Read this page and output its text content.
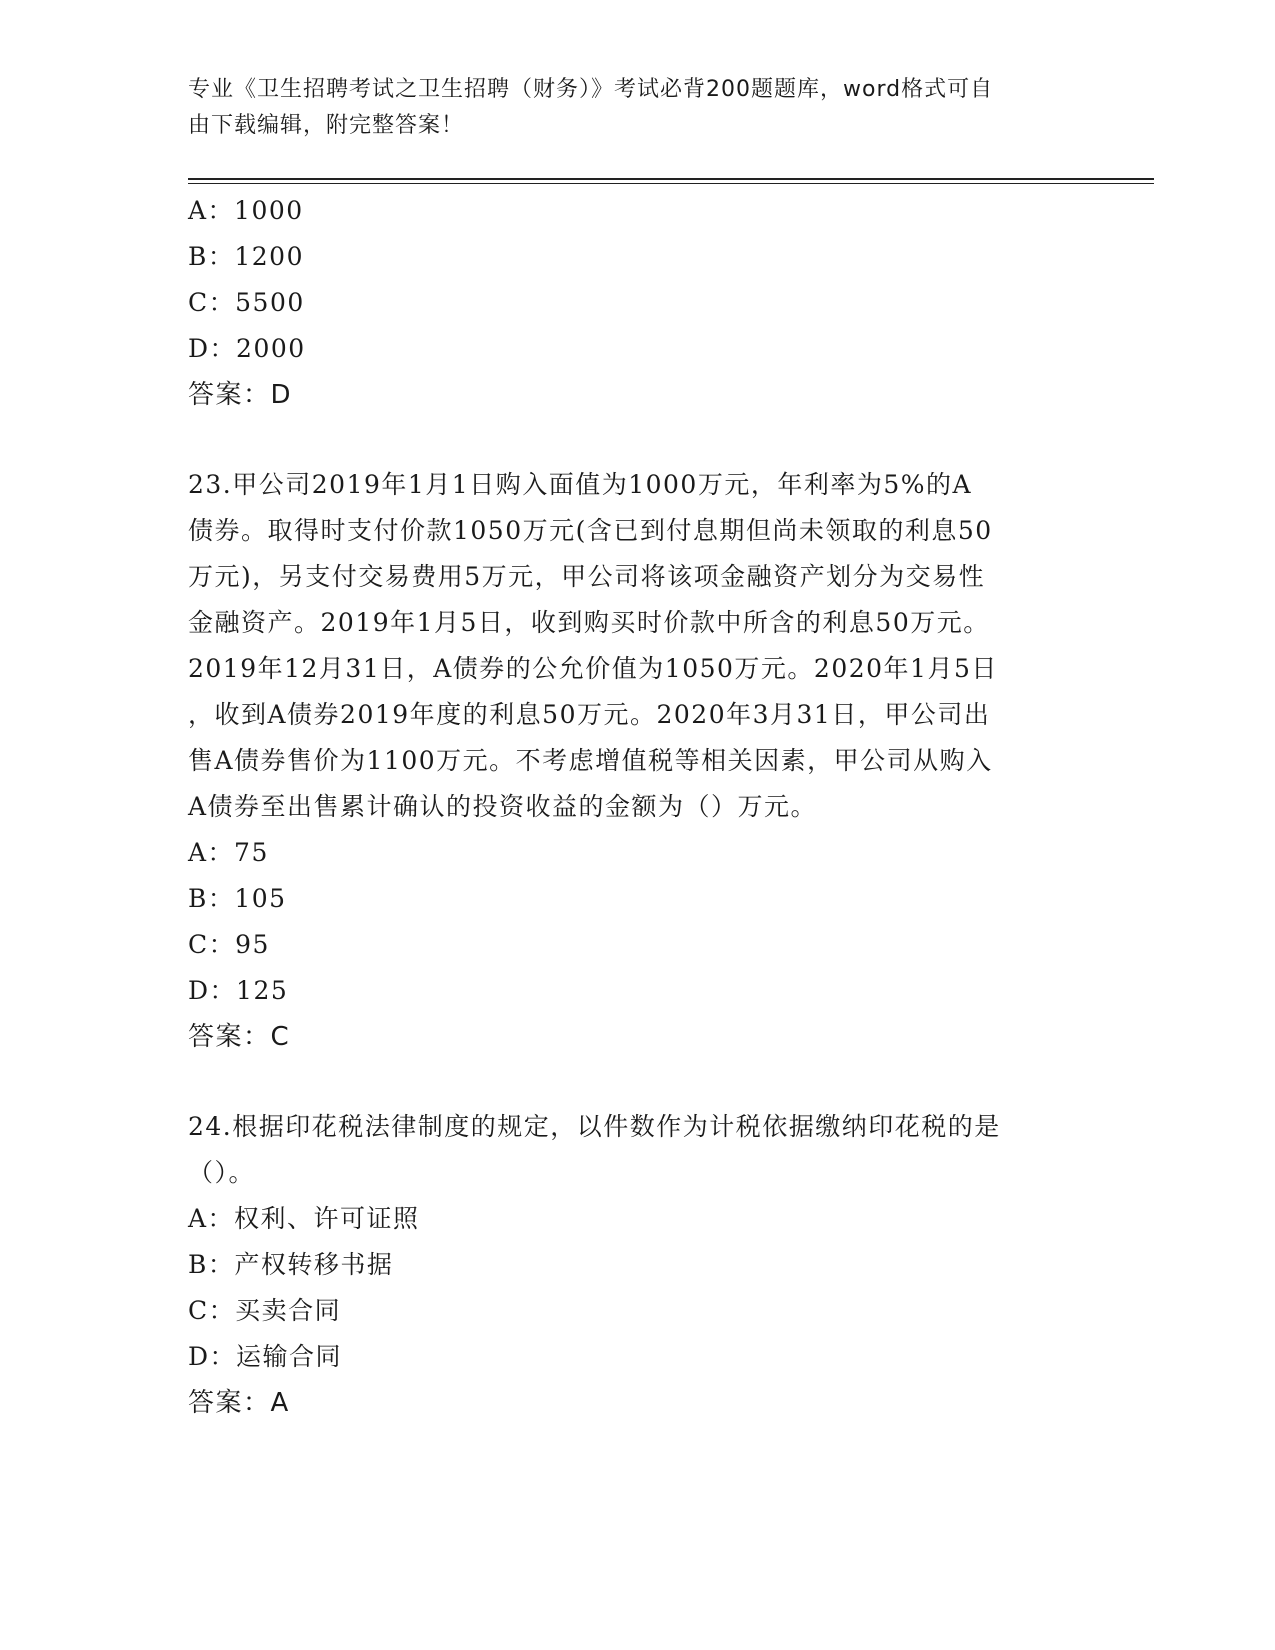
专业《卫生招聘考试之卫生招聘（财务）》考试必背200题题库，word格式可自
由下载编辑，附完整答案！
A：1000
B：1200
C：5500
D：2000
答案：D
23.甲公司2019年1月1日购入面值为1000万元，年利率为5%的A
债券。取得时支付价款1050万元(含已到付息期但尚未领取的利息50
万元)，另支付交易费用5万元，甲公司将该项金融资产划分为交易性
金融资产。2019年1月5日，收到购买时价款中所含的利息50万元。
2019年12月31日，A债券的公允价值为1050万元。2020年1月5日
，收到A债券2019年度的利息50万元。2020年3月31日，甲公司出
售A债券售价为1100万元。不考虑增值税等相关因素，甲公司从购入
A债券至出售累计确认的投资收益的金额为（）万元。
A：75
B：105
C：95
D：125
答案：C
24.根据印花税法律制度的规定，以件数作为计税依据缴纳印花税的是
（）。
A：权利、许可证照
B：产权转移书据
C：买卖合同
D：运输合同
答案：A
